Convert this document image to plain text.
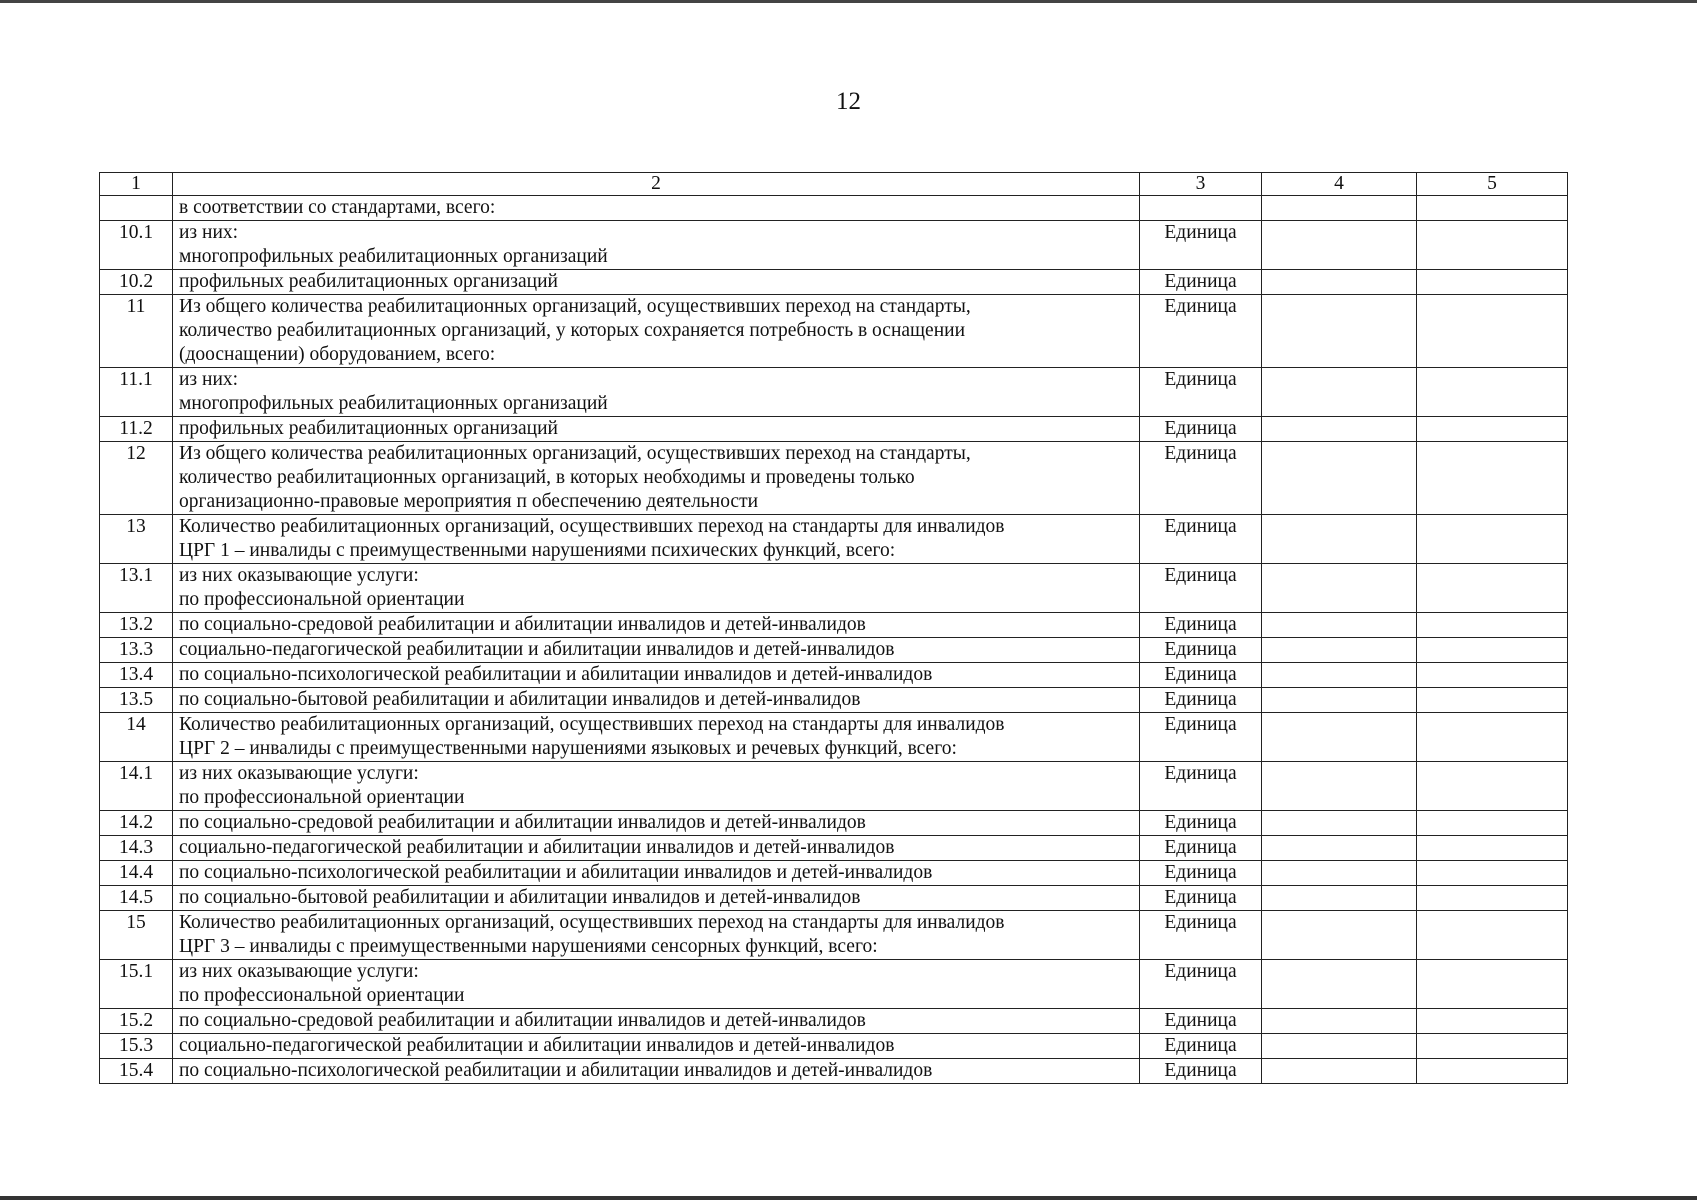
12
1	2	3	4	5

	в соответствии со стандартами, всего:			

10.1	из них:
многопрофильных реабилитационных организаций	Единица		
10.2	профильных реабилитационных организаций	Единица		
11	Из общего количества реабилитационных организаций, осуществивших переход на стандарты,
количество реабилитационных организаций, у которых сохраняется потребность в оснащении
(дооснащении) оборудованием, всего:	Единица		
11.1	из них:
многопрофильных реабилитационных организаций	Единица		
11.2	профильных реабилитационных организаций	Единица		
12	Из общего количества реабилитационных организаций, осуществивших переход на стандарты,
количество реабилитационных организаций, в которых необходимы и проведены только
организационно-правовые мероприятия п обеспечению деятельности	Единица		
13	Количество реабилитационных организаций, осуществивших переход на стандарты для инвалидов
ЦРГ 1 – инвалиды с преимущественными нарушениями психических функций, всего:	Единица		
13.1	из них оказывающие услуги:
по профессиональной ориентации	Единица		
13.2	по социально-средовой реабилитации и абилитации инвалидов и детей-инвалидов	Единица		
13.3	социально-педагогической реабилитации и абилитации инвалидов и детей-инвалидов	Единица		
13.4	по социально-психологической реабилитации и абилитации инвалидов и детей-инвалидов	Единица		
13.5	по социально-бытовой реабилитации и абилитации инвалидов и детей-инвалидов	Единица		
14	Количество реабилитационных организаций, осуществивших переход на стандарты для инвалидов
ЦРГ 2 – инвалиды с преимущественными нарушениями языковых и речевых функций, всего:	Единица		
14.1	из них оказывающие услуги:
по профессиональной ориентации	Единица		
14.2	по социально-средовой реабилитации и абилитации инвалидов и детей-инвалидов	Единица		
14.3	социально-педагогической реабилитации и абилитации инвалидов и детей-инвалидов	Единица		
14.4	по социально-психологической реабилитации и абилитации инвалидов и детей-инвалидов	Единица		
14.5	по социально-бытовой реабилитации и абилитации инвалидов и детей-инвалидов	Единица		
15	Количество реабилитационных организаций, осуществивших переход на стандарты для инвалидов
ЦРГ 3 – инвалиды с преимущественными нарушениями сенсорных функций, всего:	Единица		
15.1	из них оказывающие услуги:
по профессиональной ориентации	Единица		
15.2	по социально-средовой реабилитации и абилитации инвалидов и детей-инвалидов	Единица		
15.3	социально-педагогической реабилитации и абилитации инвалидов и детей-инвалидов	Единица		
15.4	по социально-психологической реабилитации и абилитации инвалидов и детей-инвалидов	Единица		
